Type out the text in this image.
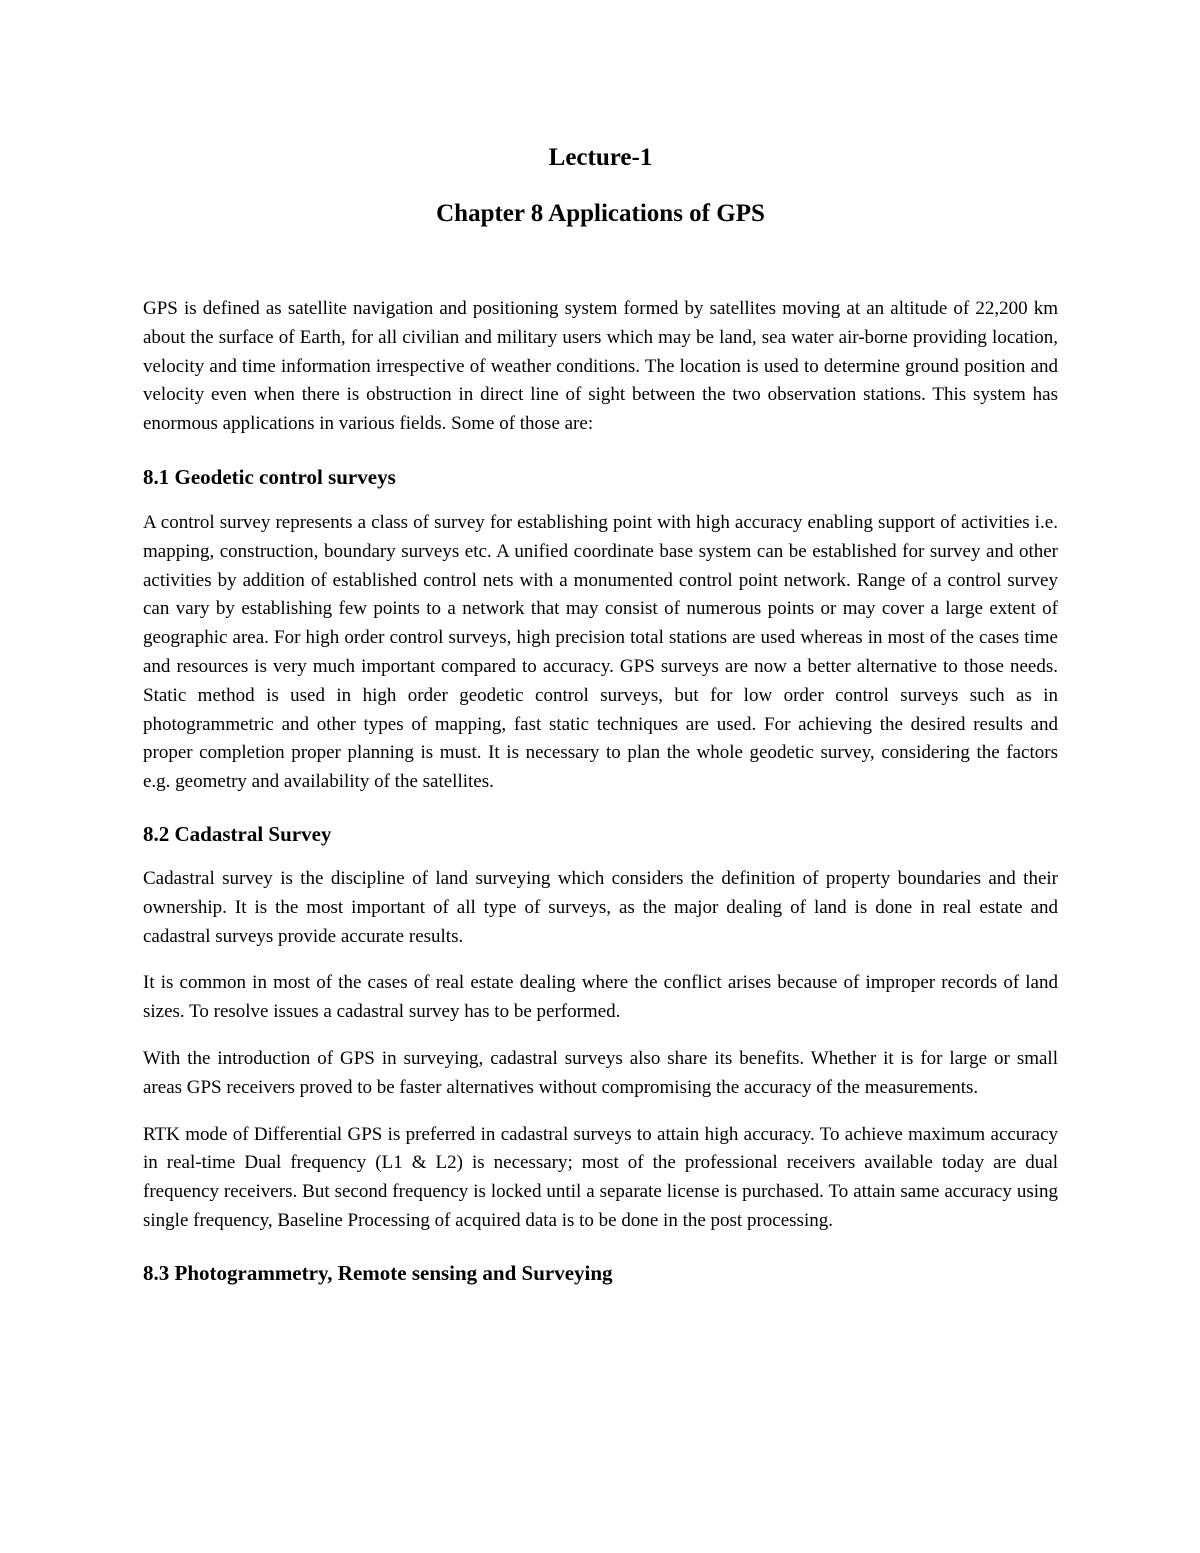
Lecture-1
Chapter 8 Applications of GPS

GPS is defined as satellite navigation and positioning system formed by satellites moving at an altitude of 22,200 km about the surface of Earth, for all civilian and military users which may be land, sea water air-borne providing location, velocity and time information irrespective of weather conditions. The location is used to determine ground position and velocity even when there is obstruction in direct line of sight between the two observation stations. This system has enormous applications in various fields. Some of those are:

8.1 Geodetic control surveys

A control survey represents a class of survey for establishing point with high accuracy enabling support of activities i.e. mapping, construction, boundary surveys etc. A unified coordinate base system can be established for survey and other activities by addition of established control nets with a monumented control point network. Range of a control survey can vary by establishing few points to a network that may consist of numerous points or may cover a large extent of geographic area. For high order control surveys, high precision total stations are used whereas in most of the cases time and resources is very much important compared to accuracy. GPS surveys are now a better alternative to those needs. Static method is used in high order geodetic control surveys, but for low order control surveys such as in photogrammetric and other types of mapping, fast static techniques are used. For achieving the desired results and proper completion proper planning is must. It is necessary to plan the whole geodetic survey, considering the factors e.g. geometry and availability of the satellites.

8.2 Cadastral Survey

Cadastral survey is the discipline of land surveying which considers the definition of property boundaries and their ownership. It is the most important of all type of surveys, as the major dealing of land is done in real estate and cadastral surveys provide accurate results.

It is common in most of the cases of real estate dealing where the conflict arises because of improper records of land sizes. To resolve issues a cadastral survey has to be performed.

With the introduction of GPS in surveying, cadastral surveys also share its benefits. Whether it is for large or small areas GPS receivers proved to be faster alternatives without compromising the accuracy of the measurements.

RTK mode of Differential GPS is preferred in cadastral surveys to attain high accuracy. To achieve maximum accuracy in real-time Dual frequency (L1 & L2) is necessary; most of the professional receivers available today are dual frequency receivers. But second frequency is locked until a separate license is purchased. To attain same accuracy using single frequency, Baseline Processing of acquired data is to be done in the post processing.

8.3 Photogrammetry, Remote sensing and Surveying
